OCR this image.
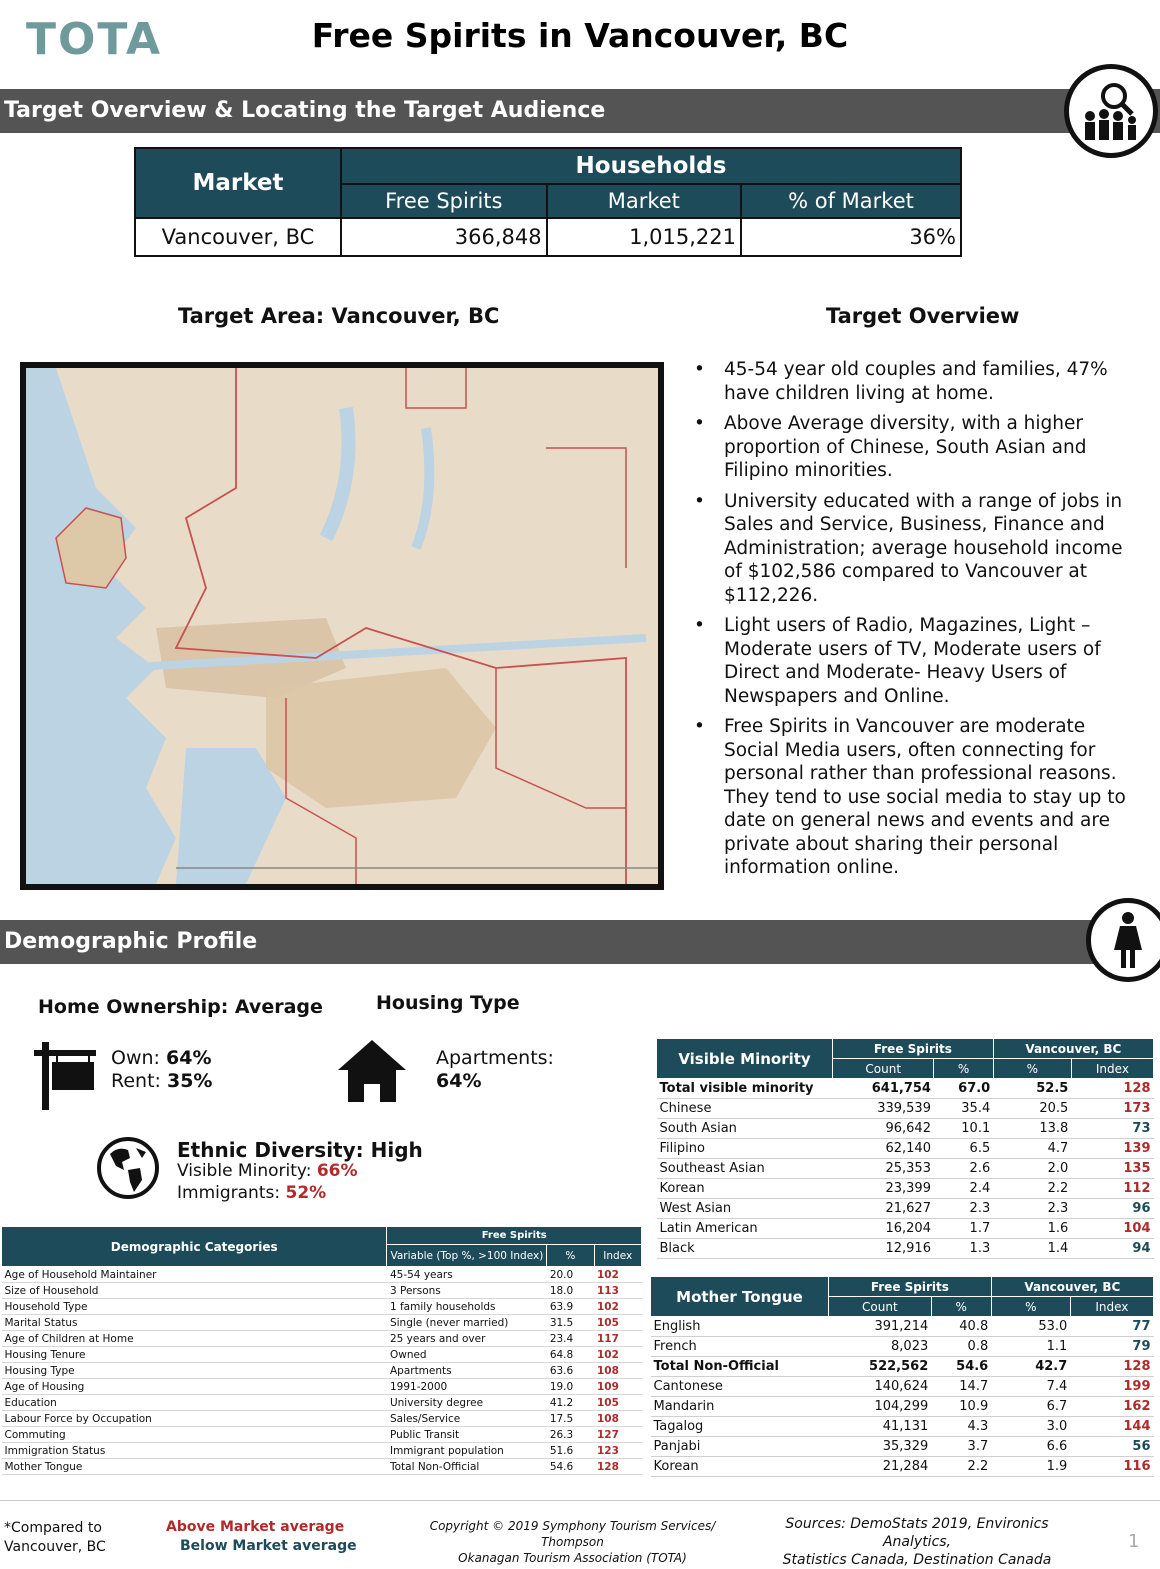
TOTA	Free Spirits in Vancouver, BC
Target Overview & Locating the Target Audience
Market	Households		
	Free Spirits	Market	% of Market
Vancouver, BC	366,848	1,015,221	36%
Target Area: Vancouver, BC	Target Overview
• 45-54 year old couples and families, 47% have children living at home.
• Above Average diversity, with a higher proportion of Chinese, South Asian and Filipino minorities.
• University educated with a range of jobs in Sales and Service, Business, Finance and Administration; average household income of $102,586 compared to Vancouver at $112,226.
• Light users of Radio, Magazines, Light – Moderate users of TV, Moderate users of Direct and Moderate- Heavy Users of Newspapers and Online.
• Free Spirits in Vancouver are moderate Social Media users, often connecting for personal rather than professional reasons. They tend to use social media to stay up to date on general news and events and are private about sharing their personal information online.
Demographic Profile
Home Ownership: Average
Own: 64%
Rent: 35%
Housing Type
Apartments:
64%
Ethnic Diversity: High
Visible Minority: 66%
Immigrants: 52%
Demographic Categories	Free Spirits		
	Variable (Top %, >100 Index)	%	Index
Age of Household Maintainer	45-54 years	20.0	102
Size of Household	3 Persons	18.0	113
Household Type	1 family households	63.9	102
Marital Status	Single (never married)	31.5	105
Age of Children at Home	25 years and over	23.4	117
Housing Tenure	Owned	64.8	102
Housing Type	Apartments	63.6	108
Age of Housing	1991-2000	19.0	109
Education	University degree	41.2	105
Labour Force by Occupation	Sales/Service	17.5	108
Commuting	Public Transit	26.3	127
Immigration Status	Immigrant population	51.6	123
Mother Tongue	Total Non-Official	54.6	128
Visible Minority	Free Spirits		Vancouver, BC	
	Count	%	%	Index
Total visible minority	641,754	67.0	52.5	128
Chinese	339,539	35.4	20.5	173
South Asian	96,642	10.1	13.8	73
Filipino	62,140	6.5	4.7	139
Southeast Asian	25,353	2.6	2.0	135
Korean	23,399	2.4	2.2	112
West Asian	21,627	2.3	2.3	96
Latin American	16,204	1.7	1.6	104
Black	12,916	1.3	1.4	94
Mother Tongue	Free Spirits		Vancouver, BC	
	Count	%	%	Index
English	391,214	40.8	53.0	77
French	8,023	0.8	1.1	79
Total Non-Official	522,562	54.6	42.7	128
Cantonese	140,624	14.7	7.4	199
Mandarin	104,299	10.9	6.7	162
Tagalog	41,131	4.3	3.0	144
Panjabi	35,329	3.7	6.6	56
Korean	21,284	2.2	1.9	116
*Compared to
Vancouver, BC
Above Market average
Below Market average
Copyright © 2019 Symphony Tourism Services/ Thompson
Okanagan Tourism Association (TOTA)
Sources: DemoStats 2019, Environics Analytics,
Statistics Canada, Destination Canada
1
